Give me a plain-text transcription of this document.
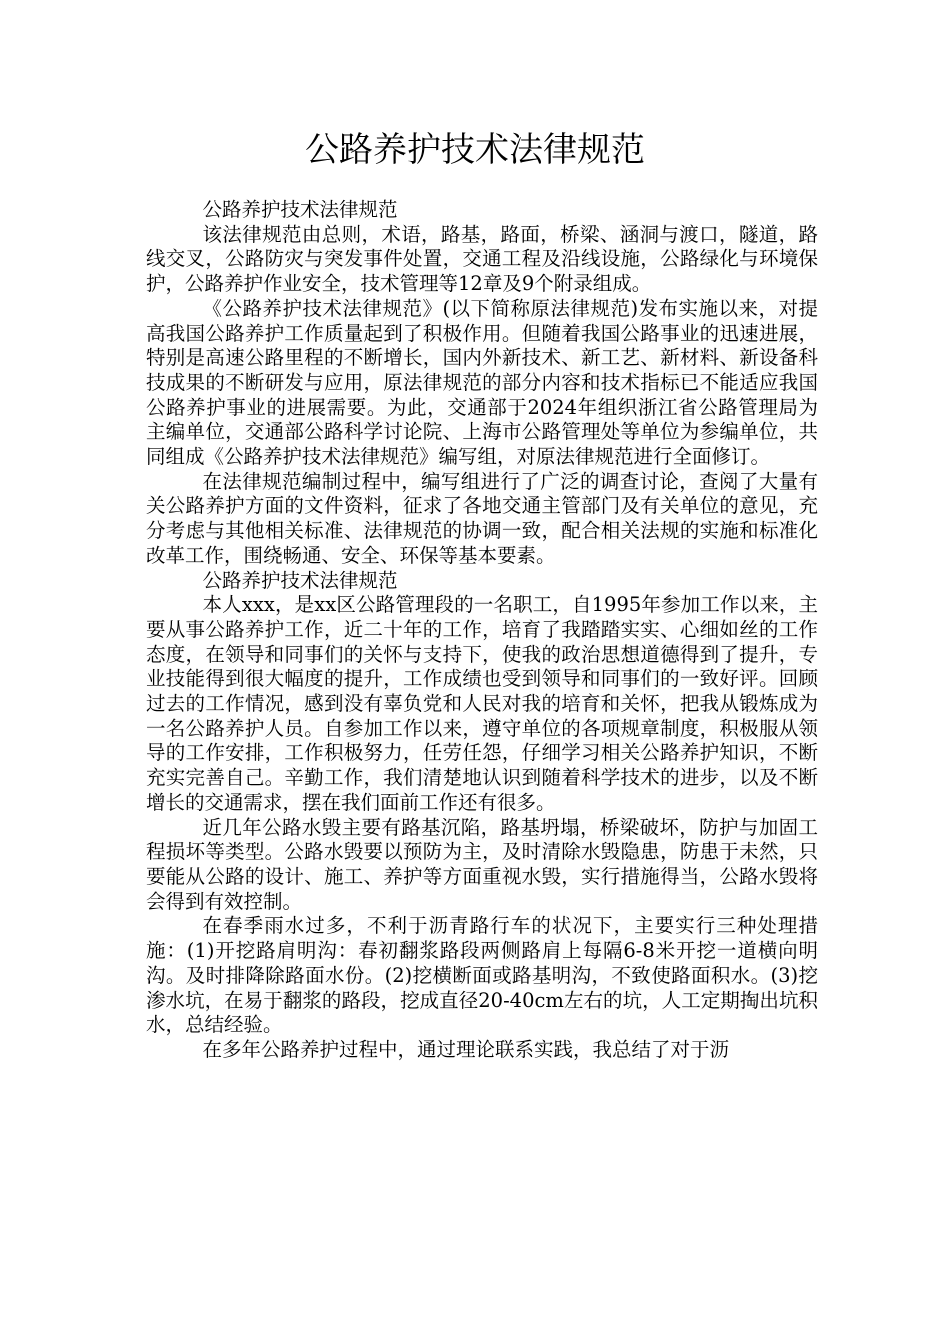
公路养护技术法律规范

公路养护技术法律规范

该法律规范由总则，术语，路基，路面，桥梁、涵洞与渡口，隧道，路线交叉，公路防灾与突发事件处置，交通工程及沿线设施，公路绿化与环境保护，公路养护作业安全，技术管理等12章及9个附录组成。

《公路养护技术法律规范》(以下简称原法律规范)发布实施以来，对提高我国公路养护工作质量起到了积极作用。但随着我国公路事业的迅速进展，特别是高速公路里程的不断增长，国内外新技术、新工艺、新材料、新设备科技成果的不断研发与应用，原法律规范的部分内容和技术指标已不能适应我国公路养护事业的进展需要。为此，交通部于2024年组织浙江省公路管理局为主编单位，交通部公路科学讨论院、上海市公路管理处等单位为参编单位，共同组成《公路养护技术法律规范》编写组，对原法律规范进行全面修订。

在法律规范编制过程中，编写组进行了广泛的调查讨论，查阅了大量有关公路养护方面的文件资料，征求了各地交通主管部门及有关单位的意见，充分考虑与其他相关标准、法律规范的协调一致，配合相关法规的实施和标准化改革工作，围绕畅通、安全、环保等基本要素。

公路养护技术法律规范

本人xxx，是xx区公路管理段的一名职工，自1995年参加工作以来，主要从事公路养护工作，近二十年的工作，培育了我踏踏实实、心细如丝的工作态度，在领导和同事们的关怀与支持下，使我的政治思想道德得到了提升，专业技能得到很大幅度的提升，工作成绩也受到领导和同事们的一致好评。回顾过去的工作情况，感到没有辜负党和人民对我的培育和关怀，把我从锻炼成为一名公路养护人员。自参加工作以来，遵守单位的各项规章制度，积极服从领导的工作安排，工作积极努力，任劳任怨，仔细学习相关公路养护知识，不断充实完善自己。辛勤工作，我们清楚地认识到随着科学技术的进步，以及不断增长的交通需求，摆在我们面前工作还有很多。

近几年公路水毁主要有路基沉陷，路基坍塌，桥梁破坏，防护与加固工程损坏等类型。公路水毁要以预防为主，及时清除水毁隐患，防患于未然，只要能从公路的设计、施工、养护等方面重视水毁，实行措施得当，公路水毁将会得到有效控制。

在春季雨水过多，不利于沥青路行车的状况下，主要实行三种处理措施：(1)开挖路肩明沟：春初翻浆路段两侧路肩上每隔6-8米开挖一道横向明沟。及时排降除路面水份。(2)挖横断面或路基明沟，不致使路面积水。(3)挖渗水坑，在易于翻浆的路段，挖成直径20-40cm左右的坑，人工定期掏出坑积水，总结经验。

在多年公路养护过程中，通过理论联系实践，我总结了对于沥
